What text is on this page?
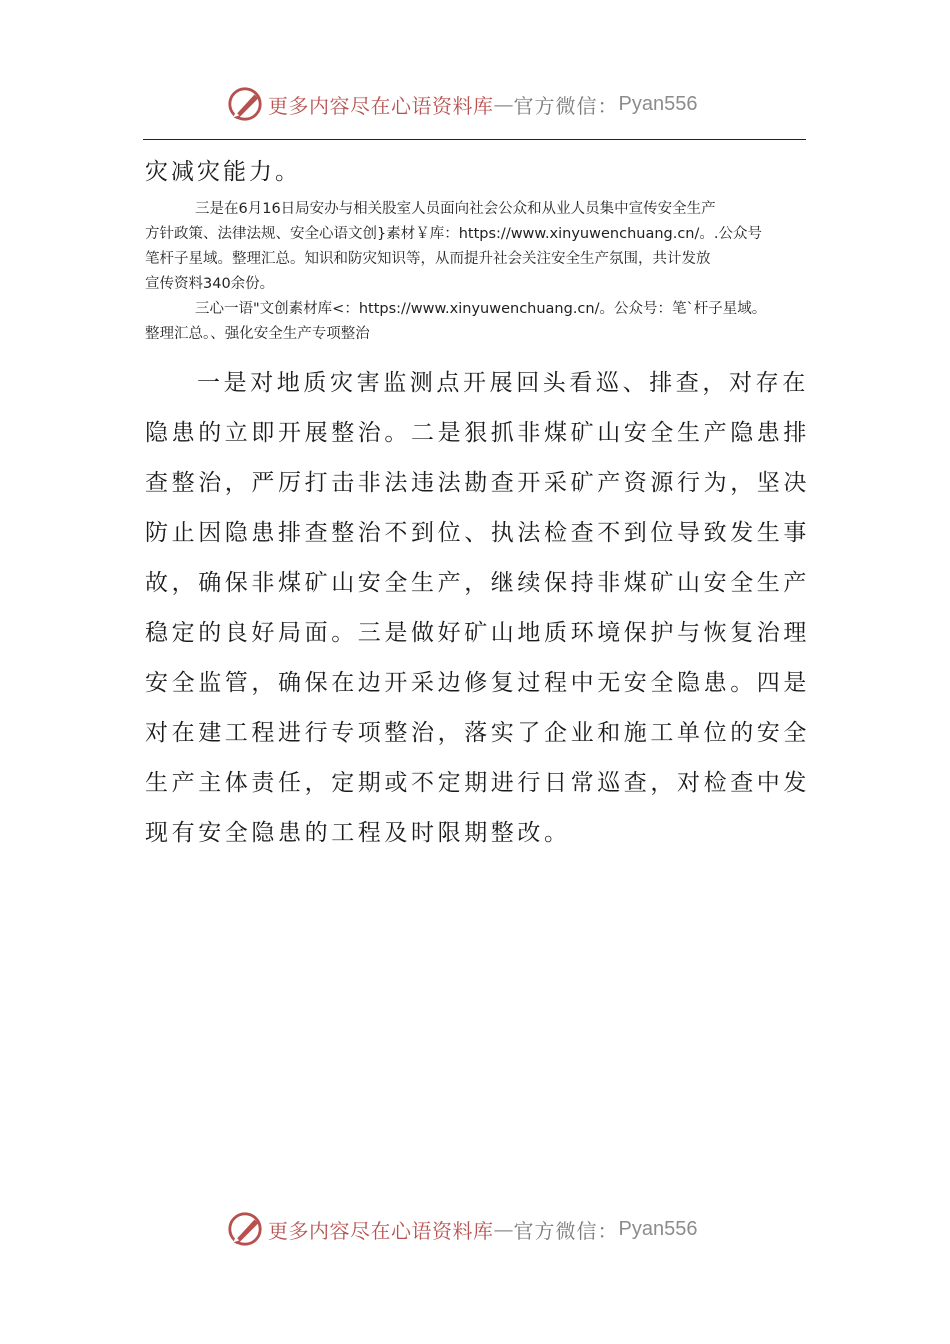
更多内容尽在心语资料库 — 官方微信： Pyan556

灾减灾能力。

三是在6月16日局安办与相关股室人员面向社会公众和从业人员集中宣传安全生产
方针政策、法律法规、安全心语文创}素材￥库：https://www.xinyuwenchuang.cn/。.公众号
笔杆子星域。整理汇总。知识和防灾知识等，从而提升社会关注安全生产氛围，共计发放
宣传资料340余份。

三心一语"文创素材库<：https://www.xinyuwenchuang.cn/。公众号：笔`杆子星域。
整理汇总。、强化安全生产专项整治

一是对地质灾害监测点开展回头看巡、排查，对存在
隐患的立即开展整治。二是狠抓非煤矿山安全生产隐患排
查整治，严厉打击非法违法勘查开采矿产资源行为，坚决
防止因隐患排查整治不到位、执法检查不到位导致发生事
故，确保非煤矿山安全生产，继续保持非煤矿山安全生产
稳定的良好局面。三是做好矿山地质环境保护与恢复治理
安全监管，确保在边开采边修复过程中无安全隐患。四是
对在建工程进行专项整治，落实了企业和施工单位的安全
生产主体责任，定期或不定期进行日常巡查，对检查中发
现有安全隐患的工程及时限期整改。

更多内容尽在心语资料库 — 官方微信： Pyan556
